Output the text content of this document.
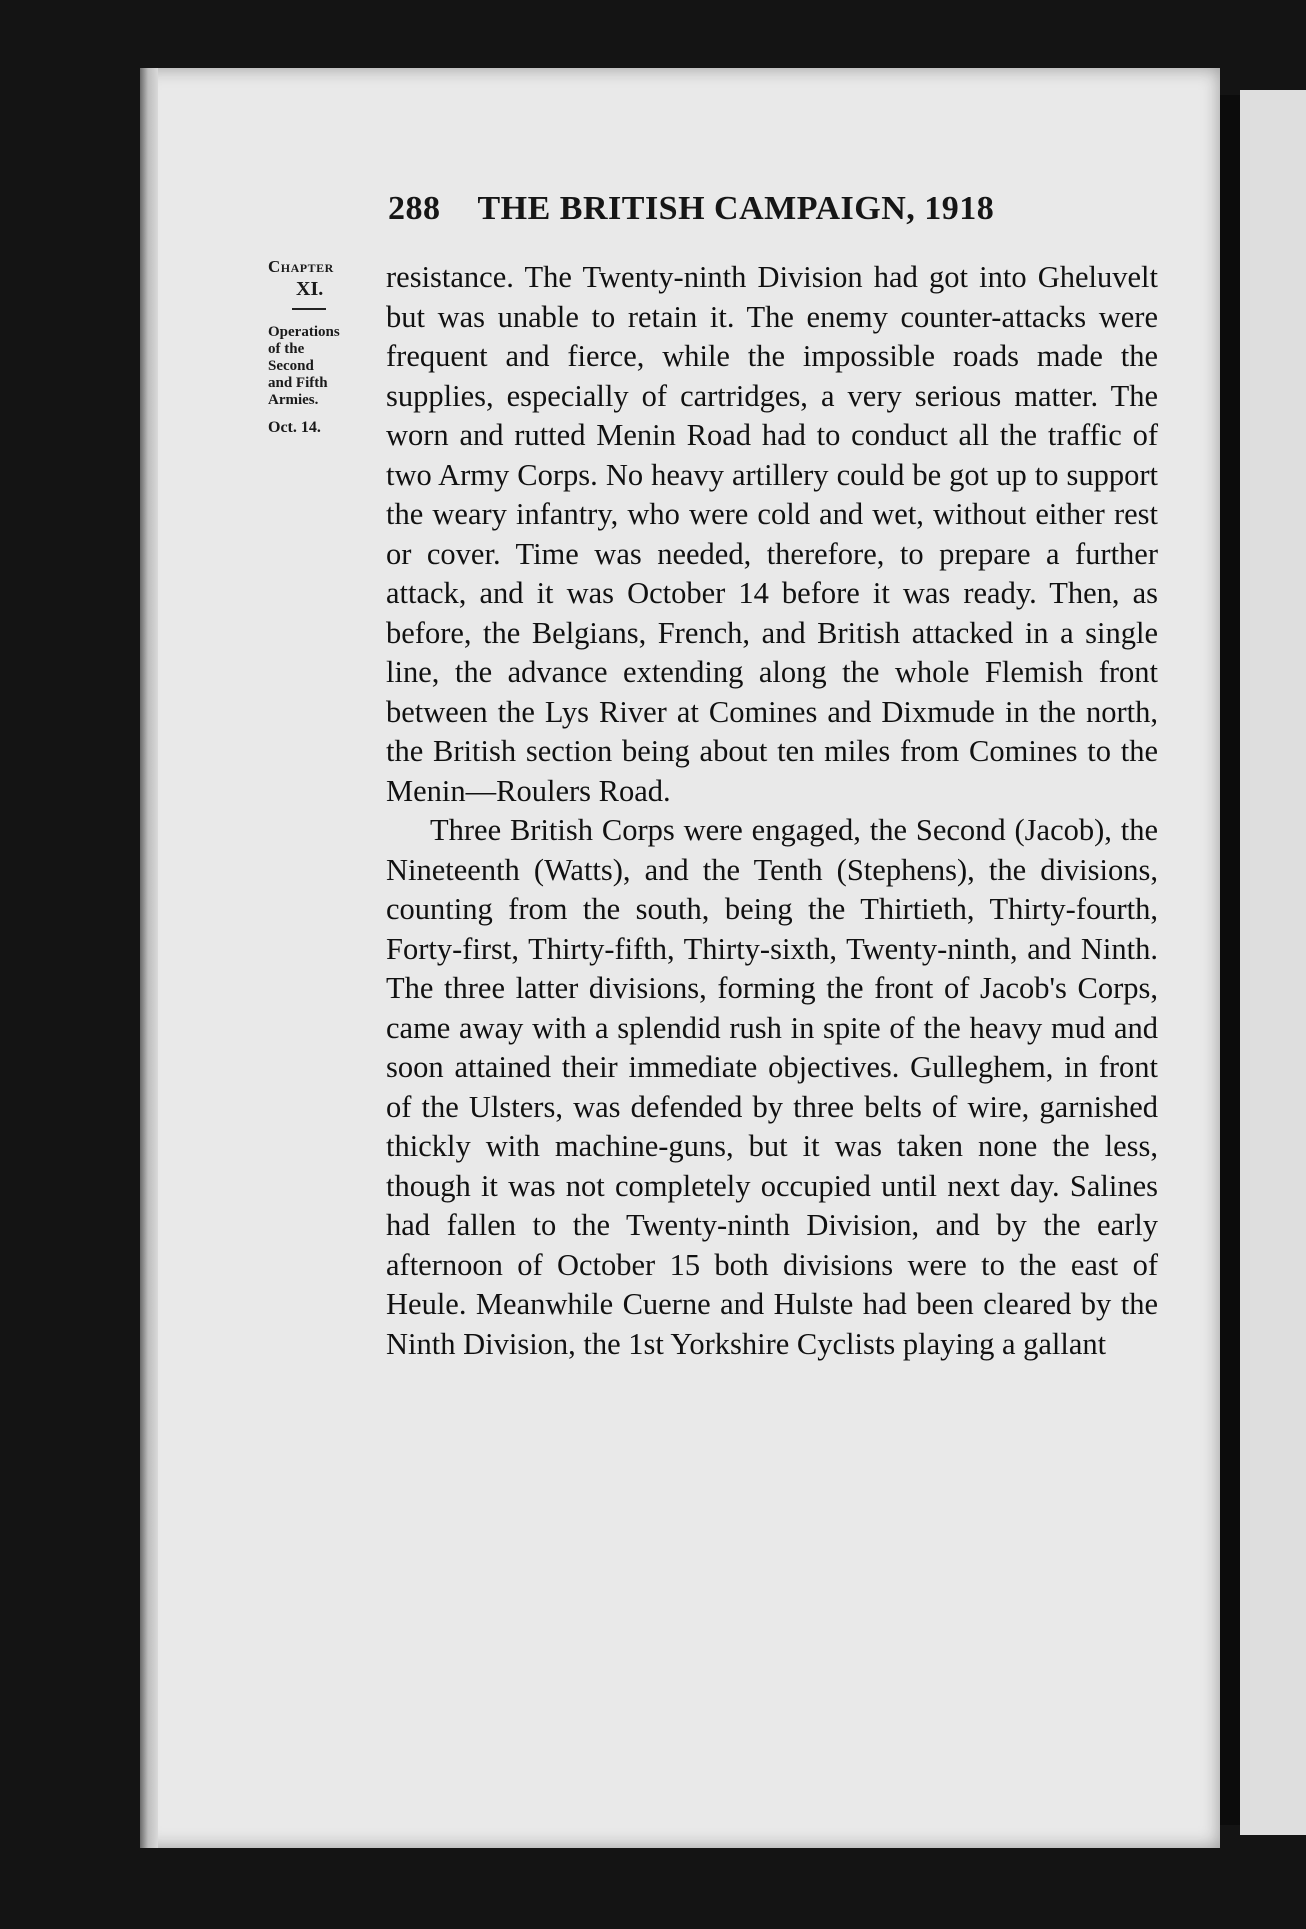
288 THE BRITISH CAMPAIGN, 1918
Chapter
XI.
Operations
of the
Second
and Fifth
Armies.
Oct. 14.

resistance. The Twenty-ninth Division had got into Gheluvelt but was unable to retain it. The enemy counter-attacks were frequent and fierce, while the impossible roads made the supplies, especially of cartridges, a very serious matter. The worn and rutted Menin Road had to conduct all the traffic of two Army Corps. No heavy artillery could be got up to support the weary infantry, who were cold and wet, without either rest or cover. Time was needed, therefore, to prepare a further attack, and it was October 14 before it was ready. Then, as before, the Belgians, French, and British attacked in a single line, the advance extending along the whole Flemish front between the Lys River at Comines and Dixmude in the north, the British section being about ten miles from Comines to the Menin—Roulers Road.

Three British Corps were engaged, the Second (Jacob), the Nineteenth (Watts), and the Tenth (Stephens), the divisions, counting from the south, being the Thirtieth, Thirty-fourth, Forty-first, Thirty-fifth, Thirty-sixth, Twenty-ninth, and Ninth. The three latter divisions, forming the front of Jacob's Corps, came away with a splendid rush in spite of the heavy mud and soon attained their immediate objectives. Gulleghem, in front of the Ulsters, was defended by three belts of wire, garnished thickly with machine-guns, but it was taken none the less, though it was not completely occupied until next day. Salines had fallen to the Twenty-ninth Division, and by the early afternoon of October 15 both divisions were to the east of Heule. Meanwhile Cuerne and Hulste had been cleared by the Ninth Division, the 1st Yorkshire Cyclists playing a gallant
